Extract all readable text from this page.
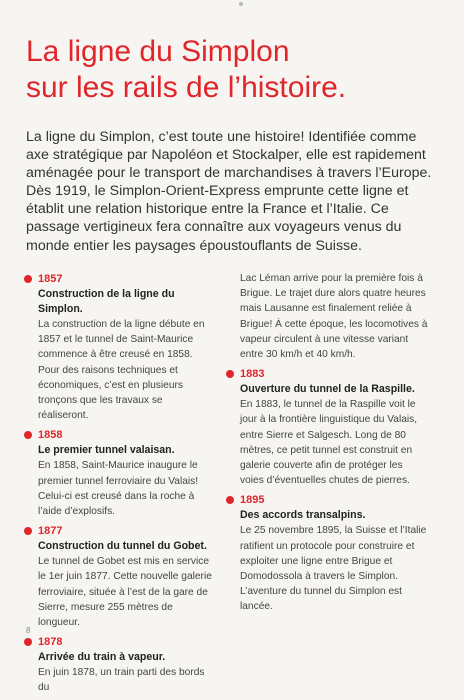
La ligne du Simplon
sur les rails de l’histoire.

La ligne du Simplon, c’est toute une histoire! Identifiée comme axe stratégique par Napoléon et Stockalper, elle est rapidement aménagée pour le transport de marchandises à travers l’Europe. Dès 1919, le Simplon-Orient-Express emprunte cette ligne et établit une relation historique entre la France et l’Italie. Ce passage vertigineux fera connaître aux voyageurs venus du monde entier les paysages époustouflants de Suisse.

1857
Construction de la ligne du Simplon.
La construction de la ligne débute en 1857 et le tunnel de Saint-Maurice commence à être creusé en 1858. Pour des raisons techniques et économiques, c’est en plusieurs tronçons que les travaux se réaliseront.
1858
Le premier tunnel valaisan.
En 1858, Saint-Maurice inaugure le premier tunnel ferroviaire du Valais! Celui-ci est creusé dans la roche à l’aide d’explosifs.
1877
Construction du tunnel du Gobet.
Le tunnel de Gobet est mis en service le 1er juin 1877. Cette nouvelle galerie ferroviaire, située à l’est de la gare de Sierre, mesure 255 mètres de longueur.
1878
Arrivée du train à vapeur.
En juin 1878, un train parti des bords du
Lac Léman arrive pour la première fois à Brigue. Le trajet dure alors quatre heures mais Lausanne est finalement reliée à Brigue! À cette époque, les locomotives à vapeur circulent à une vitesse variant entre 30 km/h et 40 km/h.
1883
Ouverture du tunnel de la Raspille.
En 1883, le tunnel de la Raspille voit le jour à la frontière linguistique du Valais, entre Sierre et Salgesch. Long de 80 mètres, ce petit tunnel est construit en galerie couverte afin de protéger les voies d’éventuelles chutes de pierres.
1895
Des accords transalpins.
Le 25 novembre 1895, la Suisse et l’Italie ratifient un protocole pour construire et exploiter une ligne entre Brigue et Domodossola à travers le Simplon. L’aventure du tunnel du Simplon est lancée.
8
